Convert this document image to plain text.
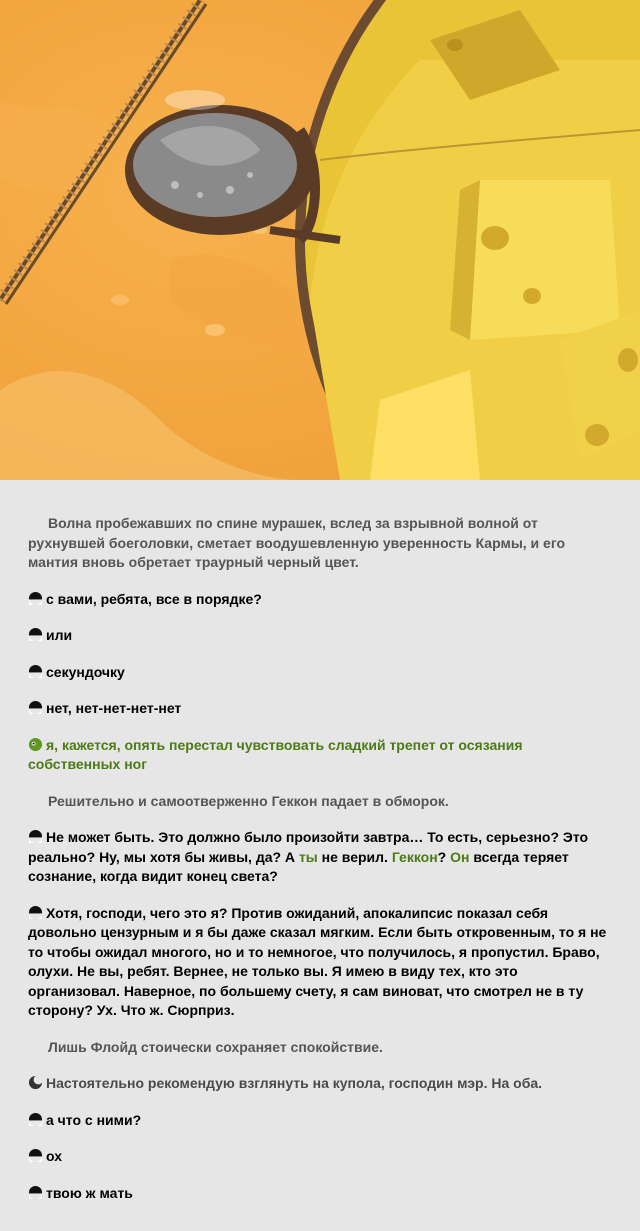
Волна пробежавших по спине мурашек, вслед за взрывной волной от рухнувшей боеголовки, сметает воодушевленную уверенность Кармы, и его мантия вновь обретает траурный черный цвет.

с вами, ребята, все в порядке?

или

секундочку

нет, нет-нет-нет-нет

я, кажется, опять перестал чувствовать сладкий трепет от осязания собственных ног

Решительно и самоотверженно Геккон падает в обморок.

Не может быть. Это должно было произойти завтра… То есть, серьезно? Это реально? Ну, мы хотя бы живы, да? А ты не верил. Геккон? Он всегда теряет сознание, когда видит конец света?

Хотя, господи, чего это я? Против ожиданий, апокалипсис показал себя довольно цензурным и я бы даже сказал мягким. Если быть откровенным, то я не то чтобы ожидал многого, но и то немногое, что получилось, я пропустил. Браво, олухи. Не вы, ребят. Вернее, не только вы. Я имею в виду тех, кто это организовал. Наверное, по большему счету, я сам виноват, что смотрел не в ту сторону? Ух. Что ж. Сюрприз.

Лишь Флойд стоически сохраняет спокойствие.

Настоятельно рекомендую взглянуть на купола, господин мэр. На оба.

а что с ними?

ох

твою ж мать
